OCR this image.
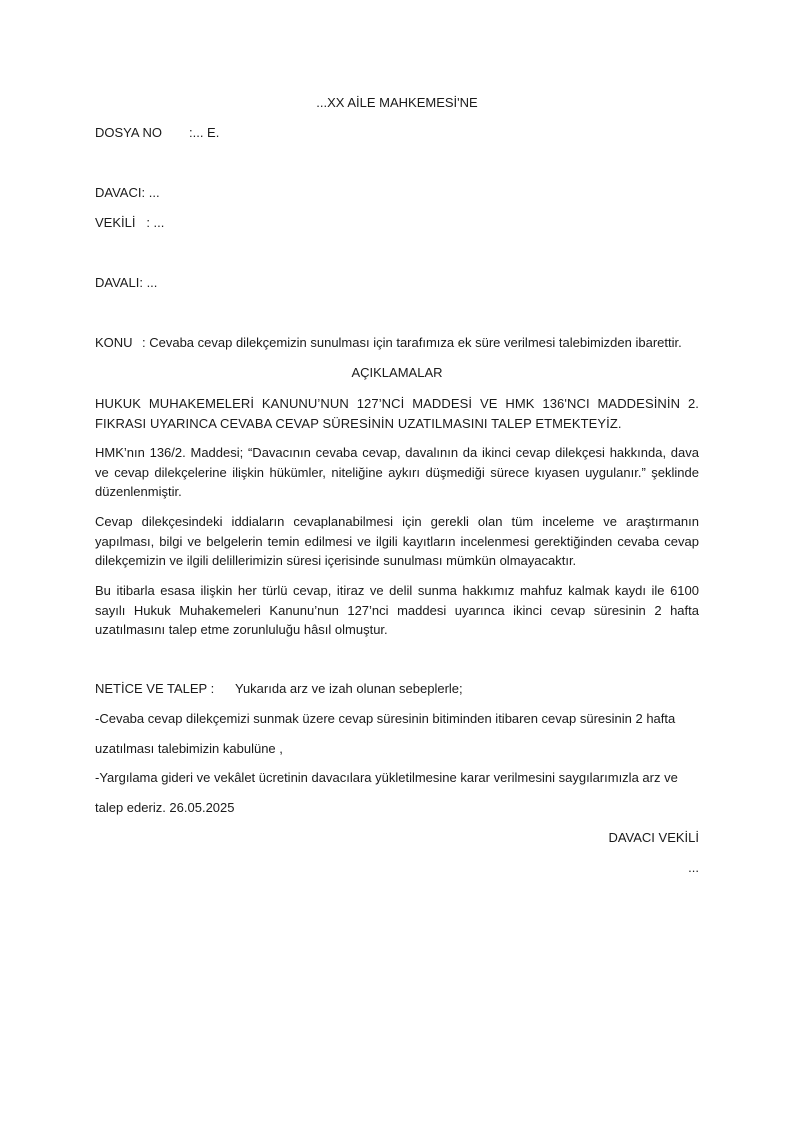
...XX AİLE MAHKEMESİ'NE
DOSYA NO :... E.
DAVACI: ...
VEKİLİ : ...
DAVALI: ...
KONU : Cevaba cevap dilekçemizin sunulması için tarafımıza ek süre verilmesi talebimizden ibarettir.
AÇIKLAMALAR
HUKUK MUHAKEMELERİ KANUNU’NUN 127’NCİ MADDESİ VE HMK 136'NCI MADDESİNİN 2. FIKRASI UYARINCA CEVABA CEVAP SÜRESİNİN UZATILMASINI TALEP ETMEKTEYİZ.
HMK’nın 136/2. Maddesi; “Davacının cevaba cevap, davalının da ikinci cevap dilekçesi hakkında, dava ve cevap dilekçelerine ilişkin hükümler, niteliğine aykırı düşmediği sürece kıyasen uygulanır.” şeklinde düzenlenmiştir.
Cevap dilekçesindeki iddiaların cevaplanabilmesi için gerekli olan tüm inceleme ve araştırmanın yapılması, bilgi ve belgelerin temin edilmesi ve ilgili kayıtların incelenmesi gerektiğinden cevaba cevap dilekçemizin ve ilgili delillerimizin süresi içerisinde sunulması mümkün olmayacaktır.
Bu itibarla esasa ilişkin her türlü cevap, itiraz ve delil sunma hakkımız mahfuz kalmak kaydı ile 6100 sayılı Hukuk Muhakemeleri Kanunu’nun 127’nci maddesi uyarınca ikinci cevap süresinin 2 hafta uzatılmasını talep etme zorunluluğu hâsıl olmuştur.
NETİCE VE TALEP : Yukarıda arz ve izah olunan sebeplerle;
-Cevaba cevap dilekçemizi sunmak üzere cevap süresinin bitiminden itibaren cevap süresinin 2 hafta
uzatılması talebimizin kabulüne ,
-Yargılama gideri ve vekâlet ücretinin davacılara yükletilmesine karar verilmesini saygılarımızla arz ve
talep ederiz. 26.05.2025
DAVACI VEKİLİ
...
